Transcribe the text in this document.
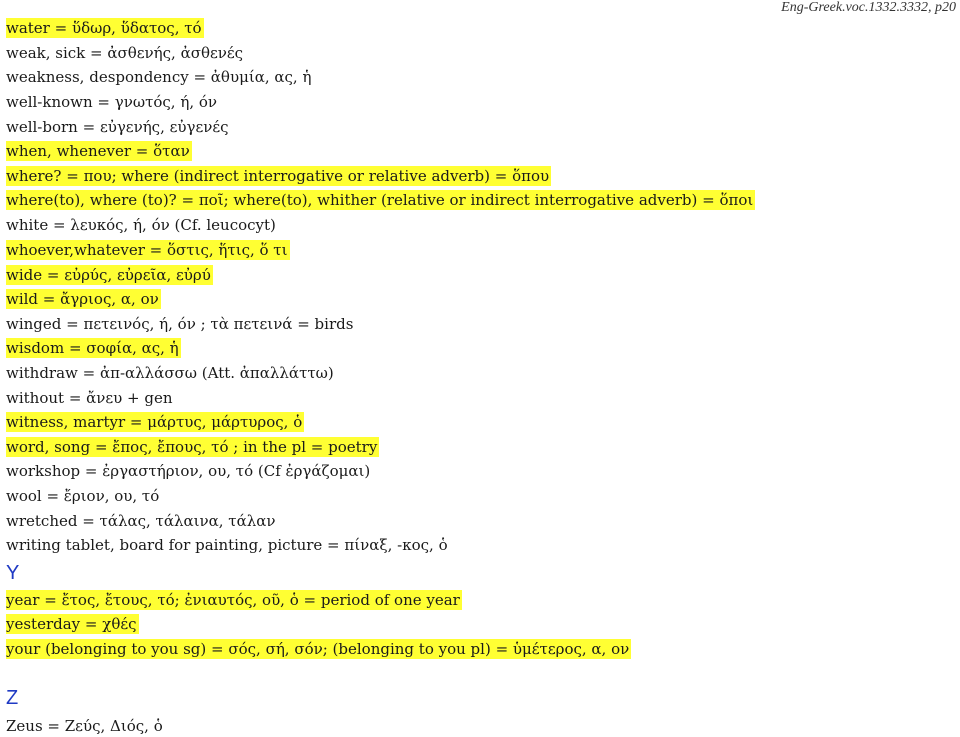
Eng-Greek.voc.1332.3332, p20
water = ὕδωρ, ὕδατος, τό
weak, sick = ἀσθενής, ἀσθενές
weakness, despondency = ἀθυμία, ας, ἡ
well-known = γνωτός, ή, όν
well-born = εὐγενής, εὐγενές
when, whenever = ὅταν
where? = που; where (indirect interrogative or relative adverb) = ὅπου
where(to), where (to)? = ποῖ; where(to), whither (relative or indirect interrogative adverb) = ὅποι
white = λευκός, ή, όν (Cf. leucocyt)
whoever,whatever = ὅστις, ἥτις, ὅ τι
wide = εὐρύς, εὐρεῖα, εὐρύ
wild = ἄγριος, α, ον
winged = πετεινός, ή, όν ; τὰ πετεινά = birds
wisdom = σοφία, ας, ἡ
withdraw = ἀπ-αλλάσσω (Att. ἀπαλλάττω)
without = ἄνευ + gen
witness, martyr = μάρτυς, μάρτυρος, ὁ
word, song = ἔπος, ἔπους, τό ; in the pl = poetry
workshop = ἐργαστήριον, ου, τό (Cf ἐργάζομαι)
wool = ἔριον, ου, τό
wretched = τάλας, τάλαινα, τάλαν
writing tablet, board for painting, picture = πίναξ, -κος, ὁ
Y
year = ἔτος, ἔτους, τό; ἐνιαυτός, οῦ, ὁ = period of one year
yesterday = χθές
your (belonging to you sg) = σός, σή, σόν; (belonging to you pl) = ὑμέτερος, α, ον
Z
Zeus = Ζεύς, Διός, ὁ
